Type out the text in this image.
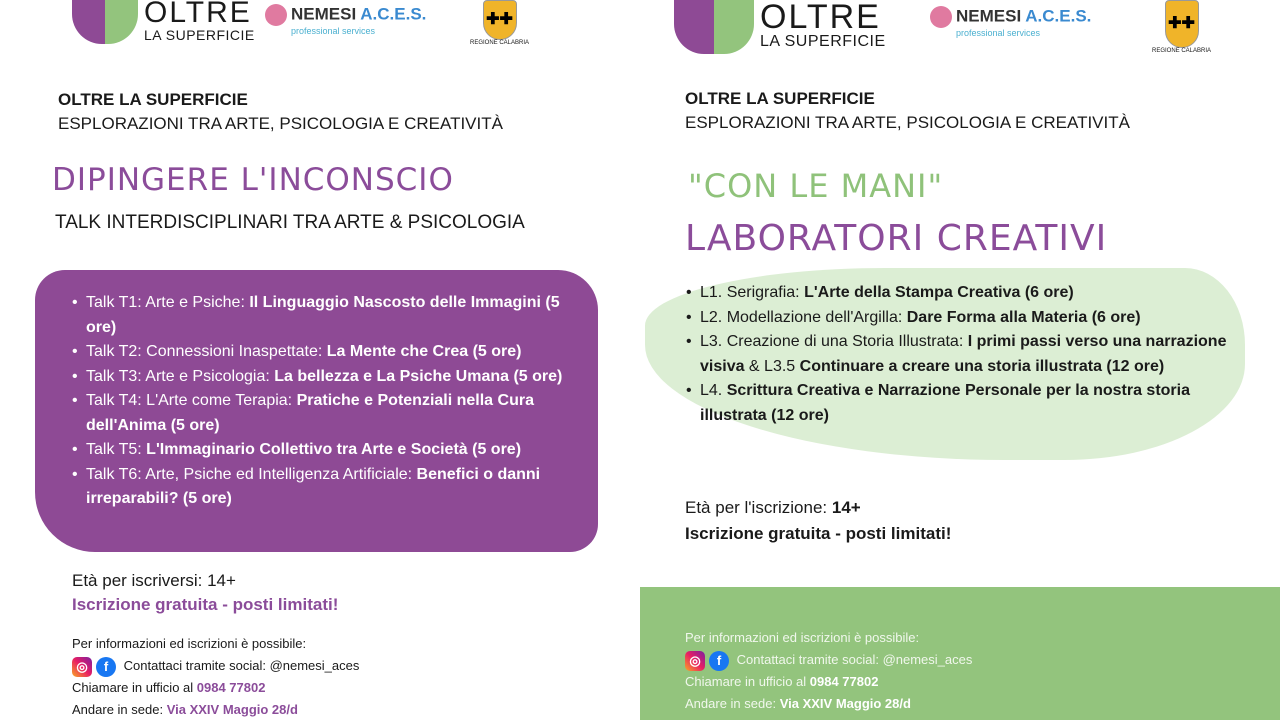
OLTRE
LA SUPERFICIE
NEMESI A.C.E.S.
professional services
✚✚
REGIONE CALABRIA
OLTRE LA SUPERFICIE
ESPLORAZIONI TRA ARTE, PSICOLOGIA E CREATIVITÀ
DIPINGERE L'INCONSCIO
TALK INTERDISCIPLINARI TRA ARTE & PSICOLOGIA
• Talk T1: Arte e Psiche: Il Linguaggio Nascosto delle Immagini (5 ore)
• Talk T2: Connessioni Inaspettate: La Mente che Crea (5 ore)
• Talk T3: Arte e Psicologia: La bellezza e La Psiche Umana (5 ore)
• Talk T4: L'Arte come Terapia: Pratiche e Potenziali nella Cura dell'Anima (5 ore)
• Talk T5: L'Immaginario Collettivo tra Arte e Società (5 ore)
• Talk T6: Arte, Psiche ed Intelligenza Artificiale: Benefici o danni irreparabili? (5 ore)
Età per iscriversi: 14+
Iscrizione gratuita - posti limitati!
Per informazioni ed iscrizioni è possibile:
◎ f Contattaci tramite social: @nemesi_aces
Chiamare in ufficio al 0984 77802
Andare in sede: Via XXIV Maggio 28/d
OLTRE
LA SUPERFICIE
NEMESI A.C.E.S.
professional services
✚✚
REGIONE CALABRIA
OLTRE LA SUPERFICIE
ESPLORAZIONI TRA ARTE, PSICOLOGIA E CREATIVITÀ
"CON LE MANI"
LABORATORI CREATIVI
• L1. Serigrafia: L'Arte della Stampa Creativa (6 ore)
• L2. Modellazione dell'Argilla: Dare Forma alla Materia (6 ore)
• L3. Creazione di una Storia Illustrata: I primi passi verso una narrazione visiva & L3.5 Continuare a creare una storia illustrata (12 ore)
• L4. Scrittura Creativa e Narrazione Personale per la nostra storia illustrata (12 ore)
Età per l'iscrizione: 14+
Iscrizione gratuita - posti limitati!
Per informazioni ed iscrizioni è possibile:
◎ f Contattaci tramite social: @nemesi_aces
Chiamare in ufficio al 0984 77802
Andare in sede: Via XXIV Maggio 28/d
